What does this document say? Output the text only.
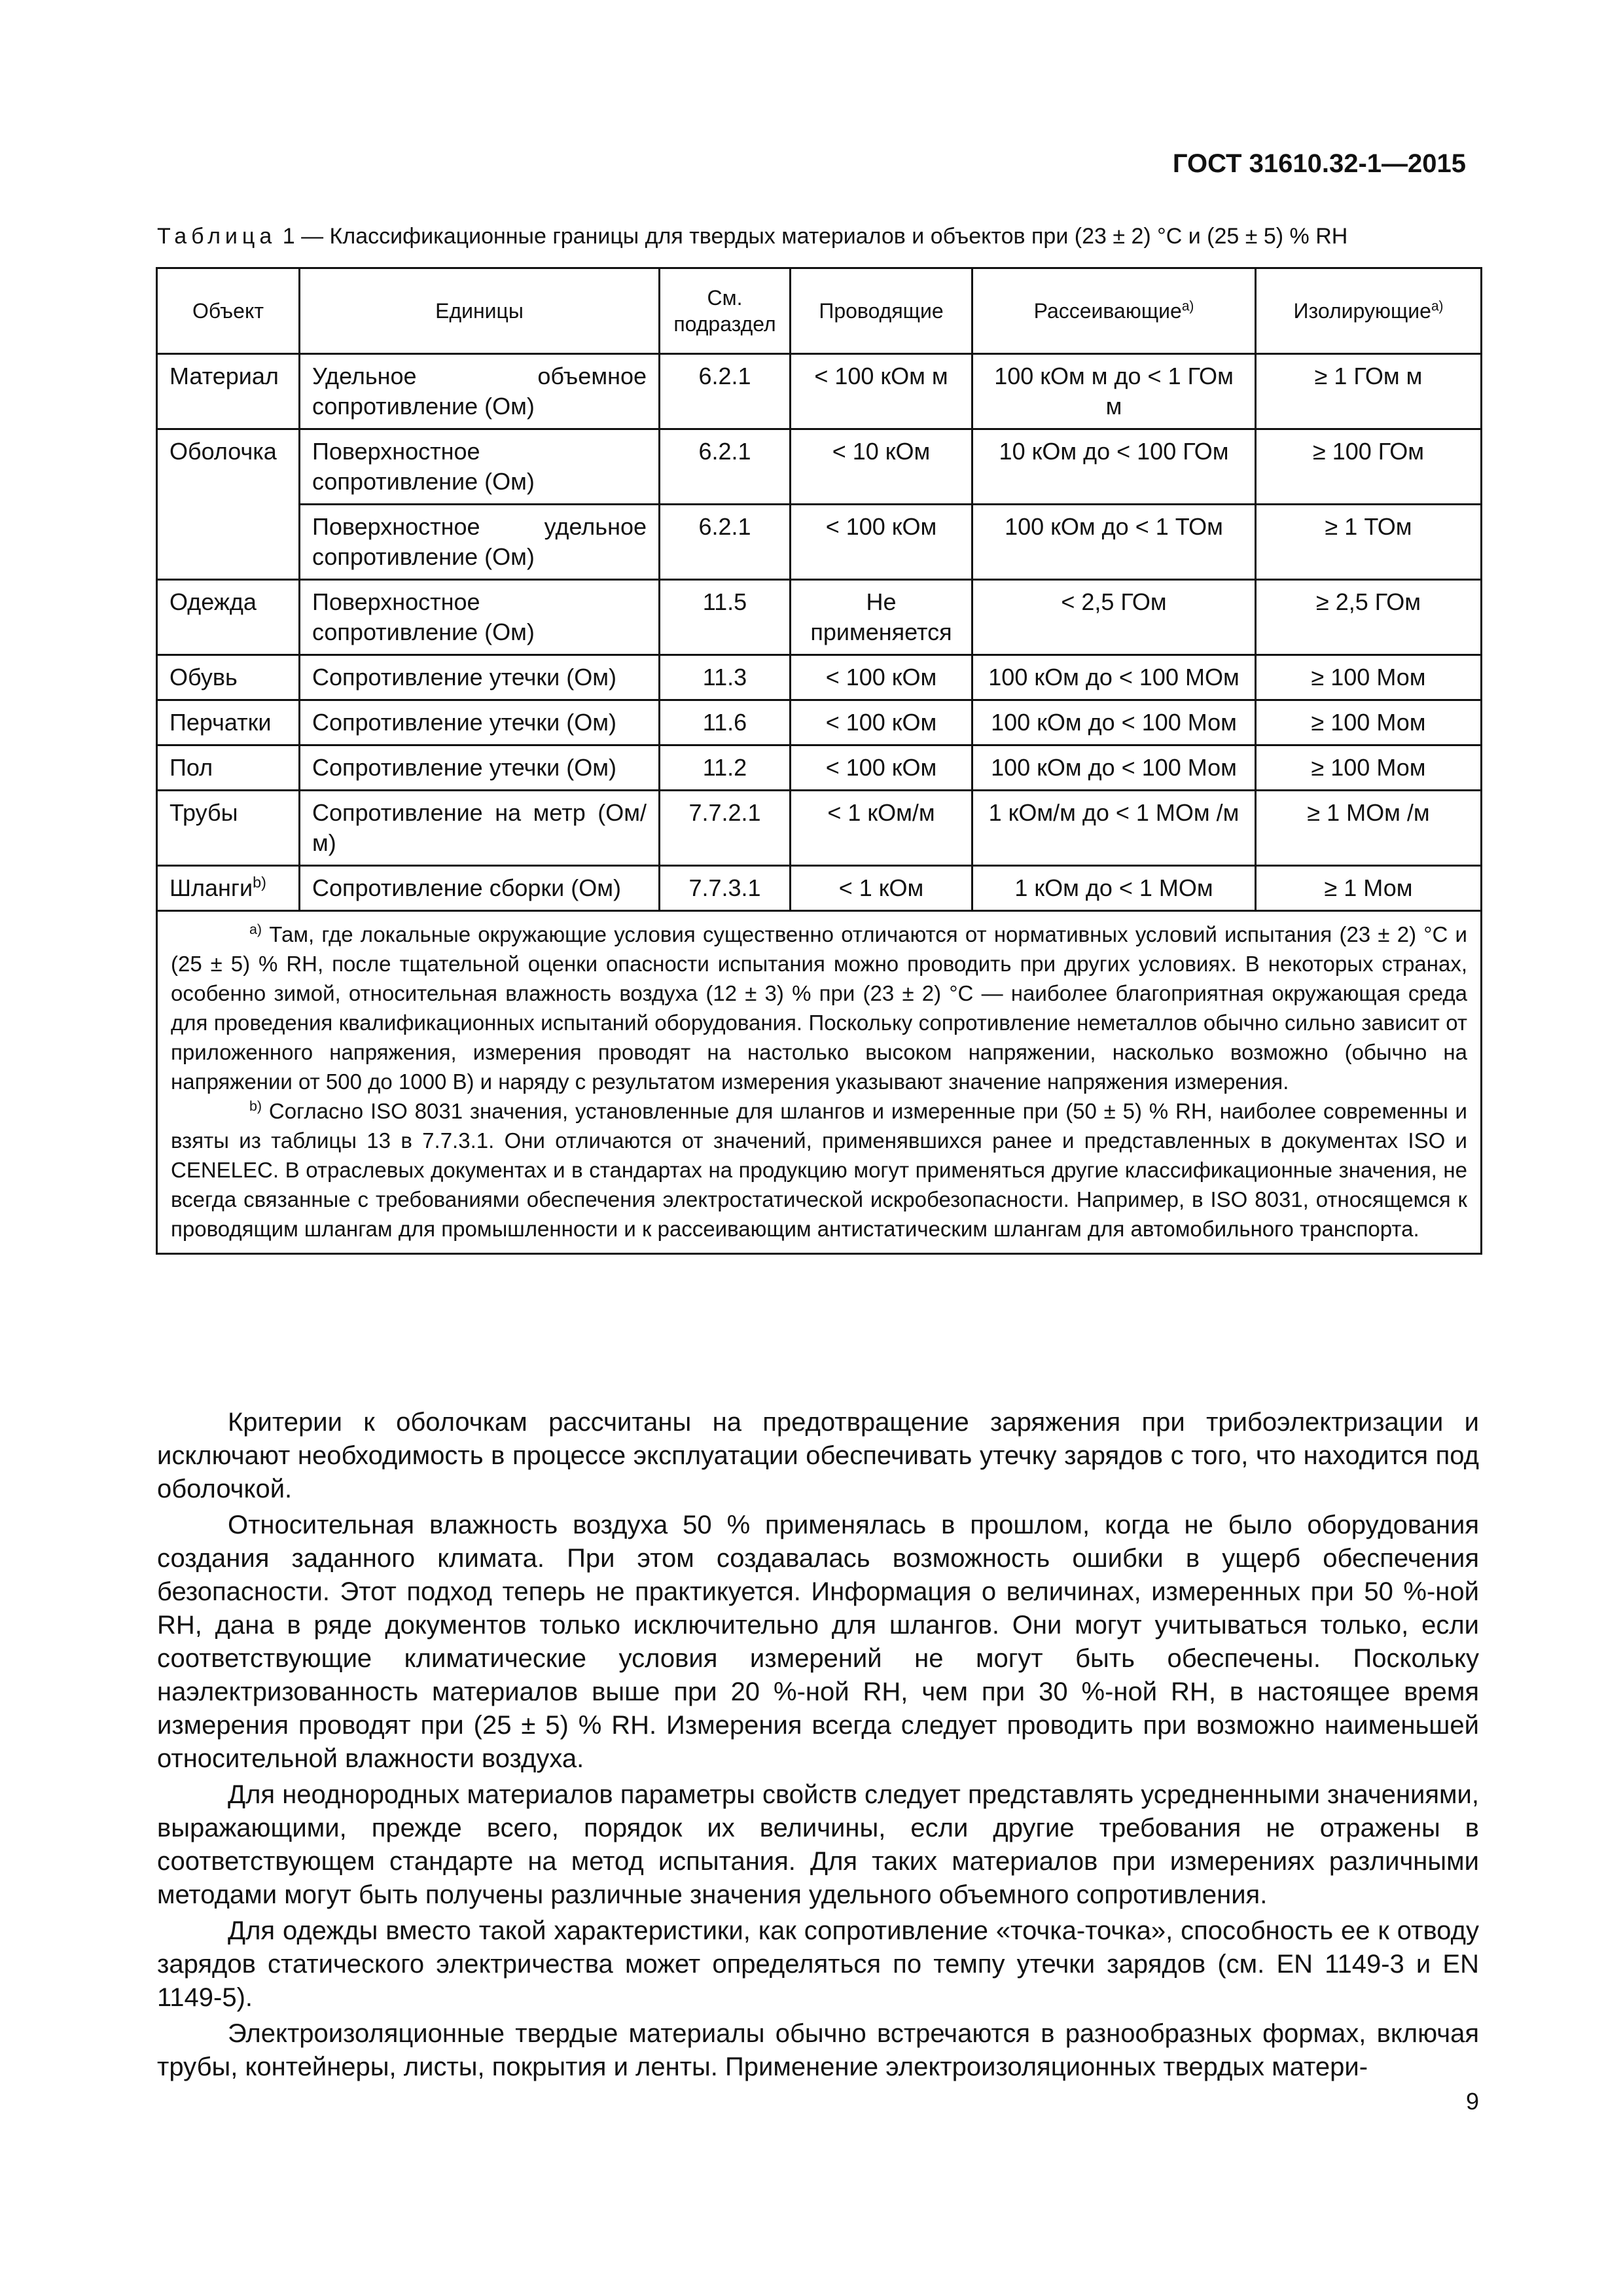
ГОСТ 31610.32-1—2015
Таблица 1 — Классификационные границы для твердых материалов и объектов при (23 ± 2) °С и (25 ± 5) % RH
Объект	Единицы	См. подраздел	Проводящие	Рассеивающие$^{a)}$	Изолирующие$^{a)}$
Материал	Удельное объемное сопротивление (Ом)	6.2.1	< 100 кОм м	100 кОм м до < 1 ГОм м	≥ 1 ГОм м
Оболочка	Поверхностное сопротивление (Ом)	6.2.1	< 10 кОм	10 кОм до < 100 ГОм	≥ 100 ГОм
	Поверхностное удельное сопротивление (Ом)	6.2.1	< 100 кОм	100 кОм до < 1 ТОм	≥ 1 ТОм
Одежда	Поверхностное сопротивление (Ом)	11.5	Не применяется	< 2,5 ГОм	≥ 2,5 ГОм
Обувь	Сопротивление утечки (Ом)	11.3	< 100 кОм	100 кОм до < 100 МОм	≥ 100 Мом
Перчатки	Сопротивление утечки (Ом)	11.6	< 100 кОм	100 кОм до < 100 Мом	≥ 100 Мом
Пол	Сопротивление утечки (Ом)	11.2	< 100 кОм	100 кОм до < 100 Мом	≥ 100 Мом
Трубы	Сопротивление на метр (Ом/м)	7.7.2.1	< 1 кОм/м	1 кОм/м до < 1 МОм /м	≥ 1 МОм /м
Шланги$^{b)}$	Сопротивление сборки (Ом)	7.7.3.1	< 1 кОм	1 кОм до < 1 МОм	≥ 1 Мом

$^{a)}$ Там, где локальные окружающие условия существенно отличаются от нормативных условий испытания (23 ± 2) °С и (25 ± 5) % RH, после тщательной оценки опасности испытания можно проводить при других условиях. В некоторых странах, особенно зимой, относительная влажность воздуха (12 ± 3) % при (23 ± 2) °С — наиболее благоприятная окружающая среда для проведения квалификационных испытаний оборудования. Поскольку сопротивление неметаллов обычно сильно зависит от приложенного напряжения, измерения проводят на настолько высоком напряжении, насколько возможно (обычно на напряжении от 500 до 1000 В) и наряду с результатом измерения указывают значение напряжения измерения.

$^{b)}$ Согласно ISO 8031 значения, установленные для шлангов и измеренные при (50 ± 5) % RH, наиболее современны и взяты из таблицы 13 в 7.7.3.1. Они отличаются от значений, применявшихся ранее и представленных в документах ISO и CENELEC. В отраслевых документах и в стандартах на продукцию могут применяться другие классификационные значения, не всегда связанные с требованиями обеспечения электростатической искробезопасности. Например, в ISO 8031, относящемся к проводящим шлангам для промышленности и к рассеивающим антистатическим шлангам для автомобильного транспорта.					

Критерии к оболочкам рассчитаны на предотвращение заряжения при трибоэлектризации и исключают необходимость в процессе эксплуатации обеспечивать утечку зарядов с того, что находится под оболочкой.

Относительная влажность воздуха 50 % применялась в прошлом, когда не было оборудования создания заданного климата. При этом создавалась возможность ошибки в ущерб обеспечения безопасности. Этот подход теперь не практикуется. Информация о величинах, измеренных при 50 %-ной RH, дана в ряде документов только исключительно для шлангов. Они могут учитываться только, если соответствующие климатические условия измерений не могут быть обеспечены. Поскольку наэлектризованность материалов выше при 20 %-ной RH, чем при 30 %-ной RH, в настоящее время измерения проводят при (25 ± 5) % RH. Измерения всегда следует проводить при возможно наименьшей относительной влажности воздуха.

Для неоднородных материалов параметры свойств следует представлять усредненными значениями, выражающими, прежде всего, порядок их величины, если другие требования не отражены в соответствующем стандарте на метод испытания. Для таких материалов при измерениях различными методами могут быть получены различные значения удельного объемного сопротивления.

Для одежды вместо такой характеристики, как сопротивление «точка-точка», способность ее к отводу зарядов статического электричества может определяться по темпу утечки зарядов (см. EN 1149-3 и EN 1149-5).

Электроизоляционные твердые материалы обычно встречаются в разнообразных формах, включая трубы, контейнеры, листы, покрытия и ленты. Применение электроизоляционных твердых матери-

9
